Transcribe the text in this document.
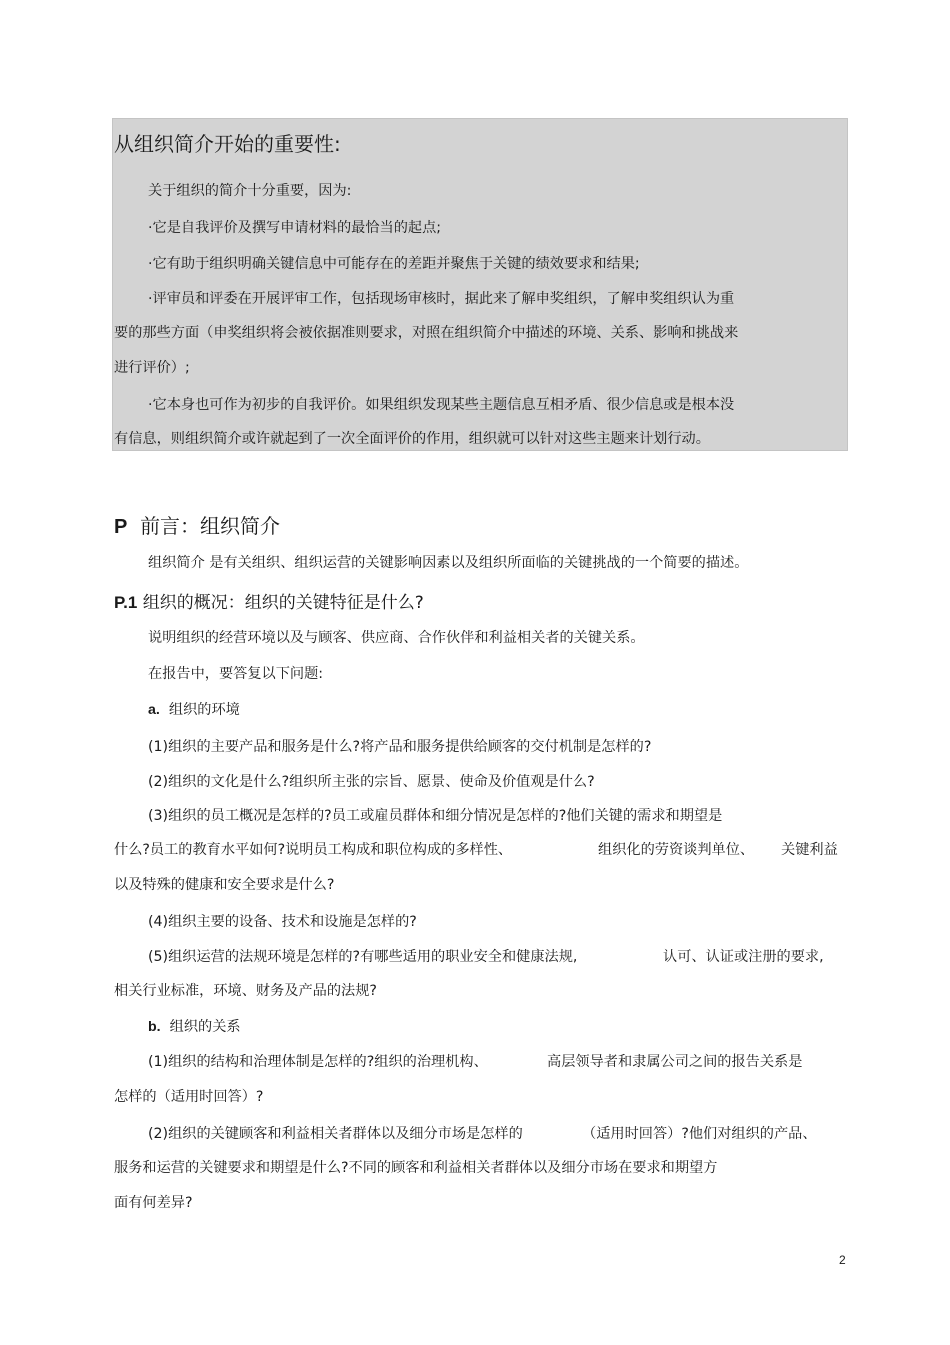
从组织简介开始的重要性:
关于组织的简介十分重要，因为:
·它是自我评价及撰写申请材料的最恰当的起点;
·它有助于组织明确关键信息中可能存在的差距并聚焦于关键的绩效要求和结果;
·评审员和评委在开展评审工作，包括现场审核时，据此来了解申奖组织，了解申奖组织认为重
要的那些方面（申奖组织将会被依据准则要求，对照在组织简介中描述的环境、关系、影响和挑战来
进行评价）;
·它本身也可作为初步的自我评价。如果组织发现某些主题信息互相矛盾、很少信息或是根本没
有信息，则组织简介或许就起到了一次全面评价的作用，组织就可以针对这些主题来计划行动。
P 前言：组织简介
组织简介 是有关组织、组织运营的关键影响因素以及组织所面临的关键挑战的一个简要的描述。
P.1 组织的概况：组织的关键特征是什么?
说明组织的经营环境以及与顾客、供应商、合作伙伴和利益相关者的关键关系。
在报告中，要答复以下问题:
a. 组织的环境
(1)组织的主要产品和服务是什么?将产品和服务提供给顾客的交付机制是怎样的?
(2)组织的文化是什么?组织所主张的宗旨、愿景、使命及价值观是什么?
(3)组织的员工概况是怎样的?员工或雇员群体和细分情况是怎样的?他们关键的需求和期望是
什么?员工的教育水平如何?说明员工构成和职位构成的多样性、	组织化的劳资谈判单位、 关键利益
以及特殊的健康和安全要求是什么?
(4)组织主要的设备、技术和设施是怎样的?
(5)组织运营的法规环境是怎样的?有哪些适用的职业安全和健康法规,	认可、认证或注册的要求,
相关行业标准，环境、财务及产品的法规?
b. 组织的关系
(1)组织的结构和治理体制是怎样的?组织的治理机构、	高层领导者和隶属公司之间的报告关系是
怎样的（适用时回答）?
(2)组织的关键顾客和利益相关者群体以及细分市场是怎样的	（适用时回答）?他们对组织的产品、
服务和运营的关键要求和期望是什么?不同的顾客和利益相关者群体以及细分市场在要求和期望方
面有何差异?
2
